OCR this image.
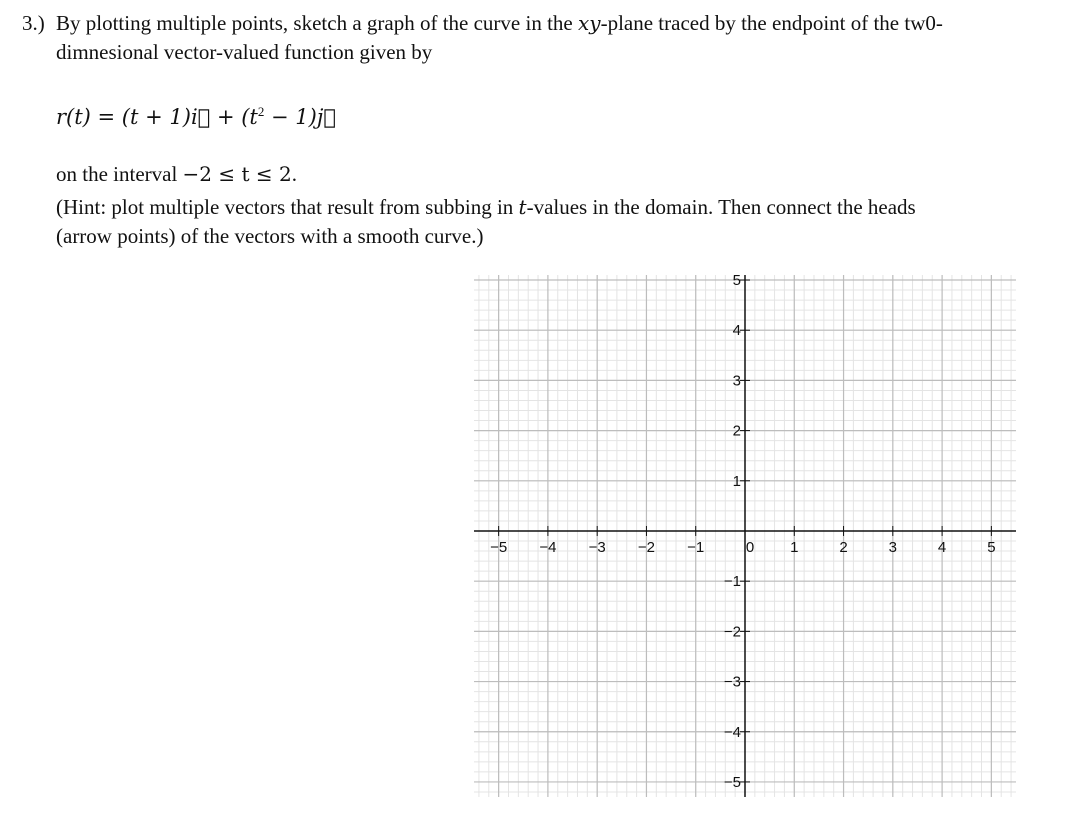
3.) By plotting multiple points, sketch a graph of the curve in the xy-plane traced by the endpoint of the tw0-
dimnesional vector-valued function given by
r(t) = (t + 1)i⃗ + ($t^2$ − 1)j⃗
on the interval −2 ≤ t ≤ 2.
(Hint: plot multiple vectors that result from subbing in t-values in the domain. Then connect the heads
(arrow points) of the vectors with a smooth curve.)
−5 −4 −3 −2 −1	0 1	2	3	4	5
5
4
3
2
1
−1
−2
−3
−4
−5
